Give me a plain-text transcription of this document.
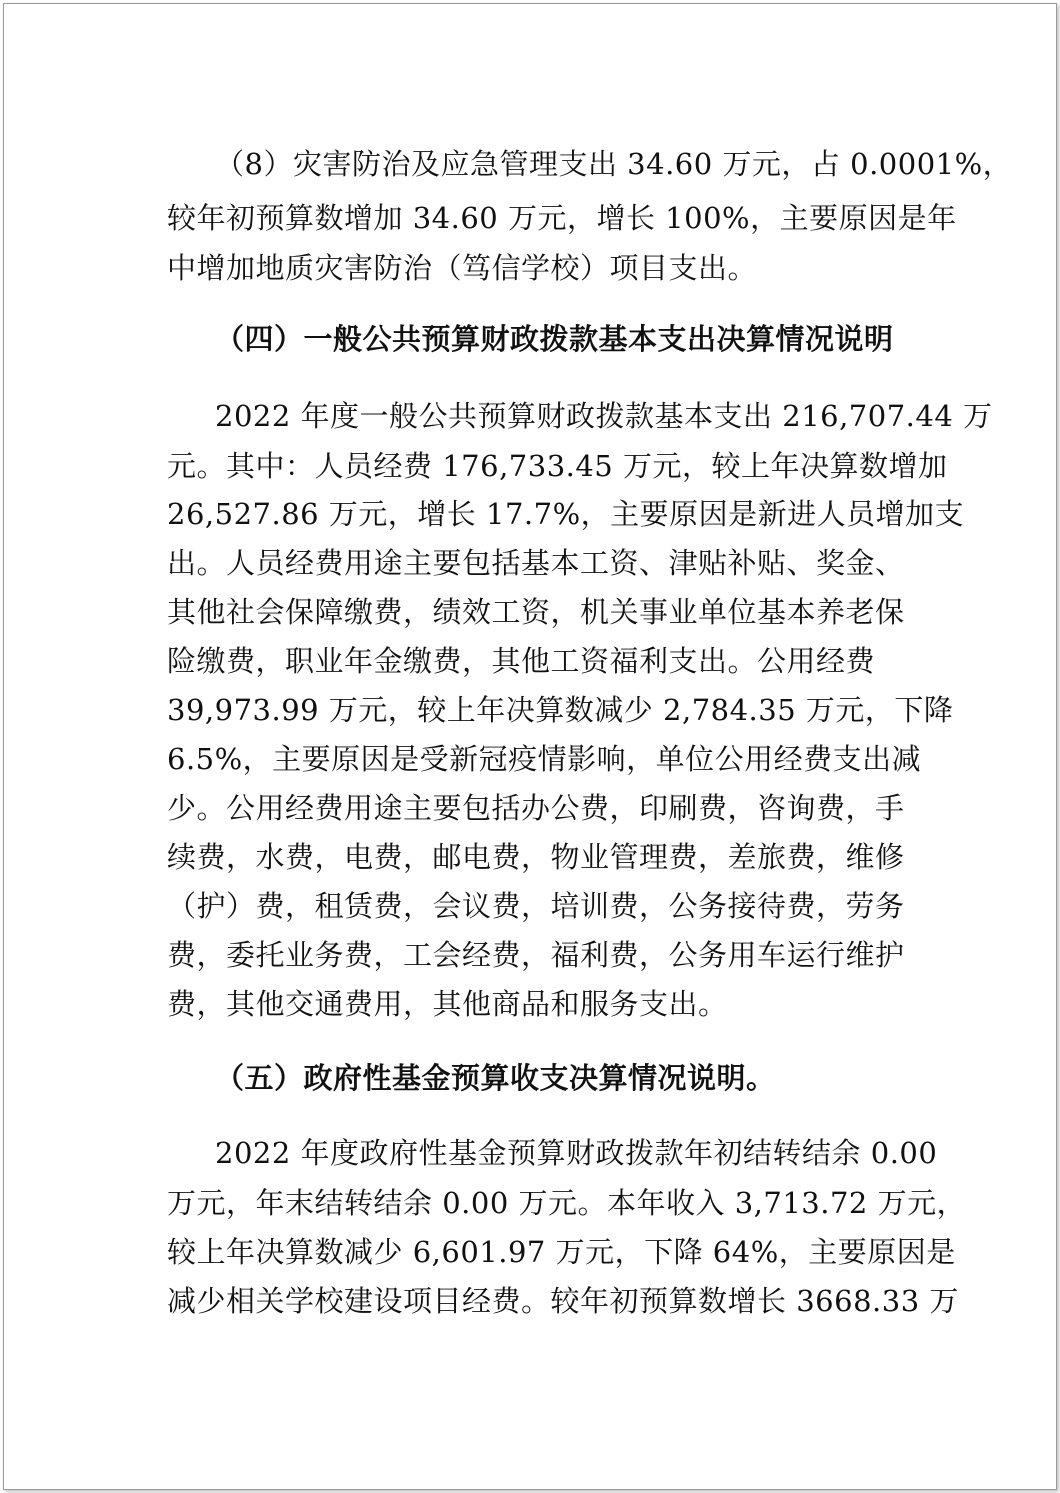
（8）灾害防治及应急管理支出 34.60 万元，占 0.0001%，
较年初预算数增加 34.60 万元，增长 100%，主要原因是年
中增加地质灾害防治（笃信学校）项目支出。
（四）一般公共预算财政拨款基本支出决算情况说明
2022 年度一般公共预算财政拨款基本支出 216,707.44 万
元。其中：人员经费 176,733.45 万元，较上年决算数增加
26,527.86 万元，增长 17.7%，主要原因是新进人员增加支
出。人员经费用途主要包括基本工资、津贴补贴、奖金、
其他社会保障缴费，绩效工资，机关事业单位基本养老保
险缴费，职业年金缴费，其他工资福利支出。公用经费
39,973.99 万元，较上年决算数减少 2,784.35 万元，下降
6.5%，主要原因是受新冠疫情影响，单位公用经费支出减
少。公用经费用途主要包括办公费，印刷费，咨询费，手
续费，水费，电费，邮电费，物业管理费，差旅费，维修
（护）费，租赁费，会议费，培训费，公务接待费，劳务
费，委托业务费，工会经费，福利费，公务用车运行维护
费，其他交通费用，其他商品和服务支出。
（五）政府性基金预算收支决算情况说明。
2022 年度政府性基金预算财政拨款年初结转结余 0.00
万元，年末结转结余 0.00 万元。本年收入 3,713.72 万元，
较上年决算数减少 6,601.97 万元，下降 64%，主要原因是
减少相关学校建设项目经费。较年初预算数增长 3668.33 万
